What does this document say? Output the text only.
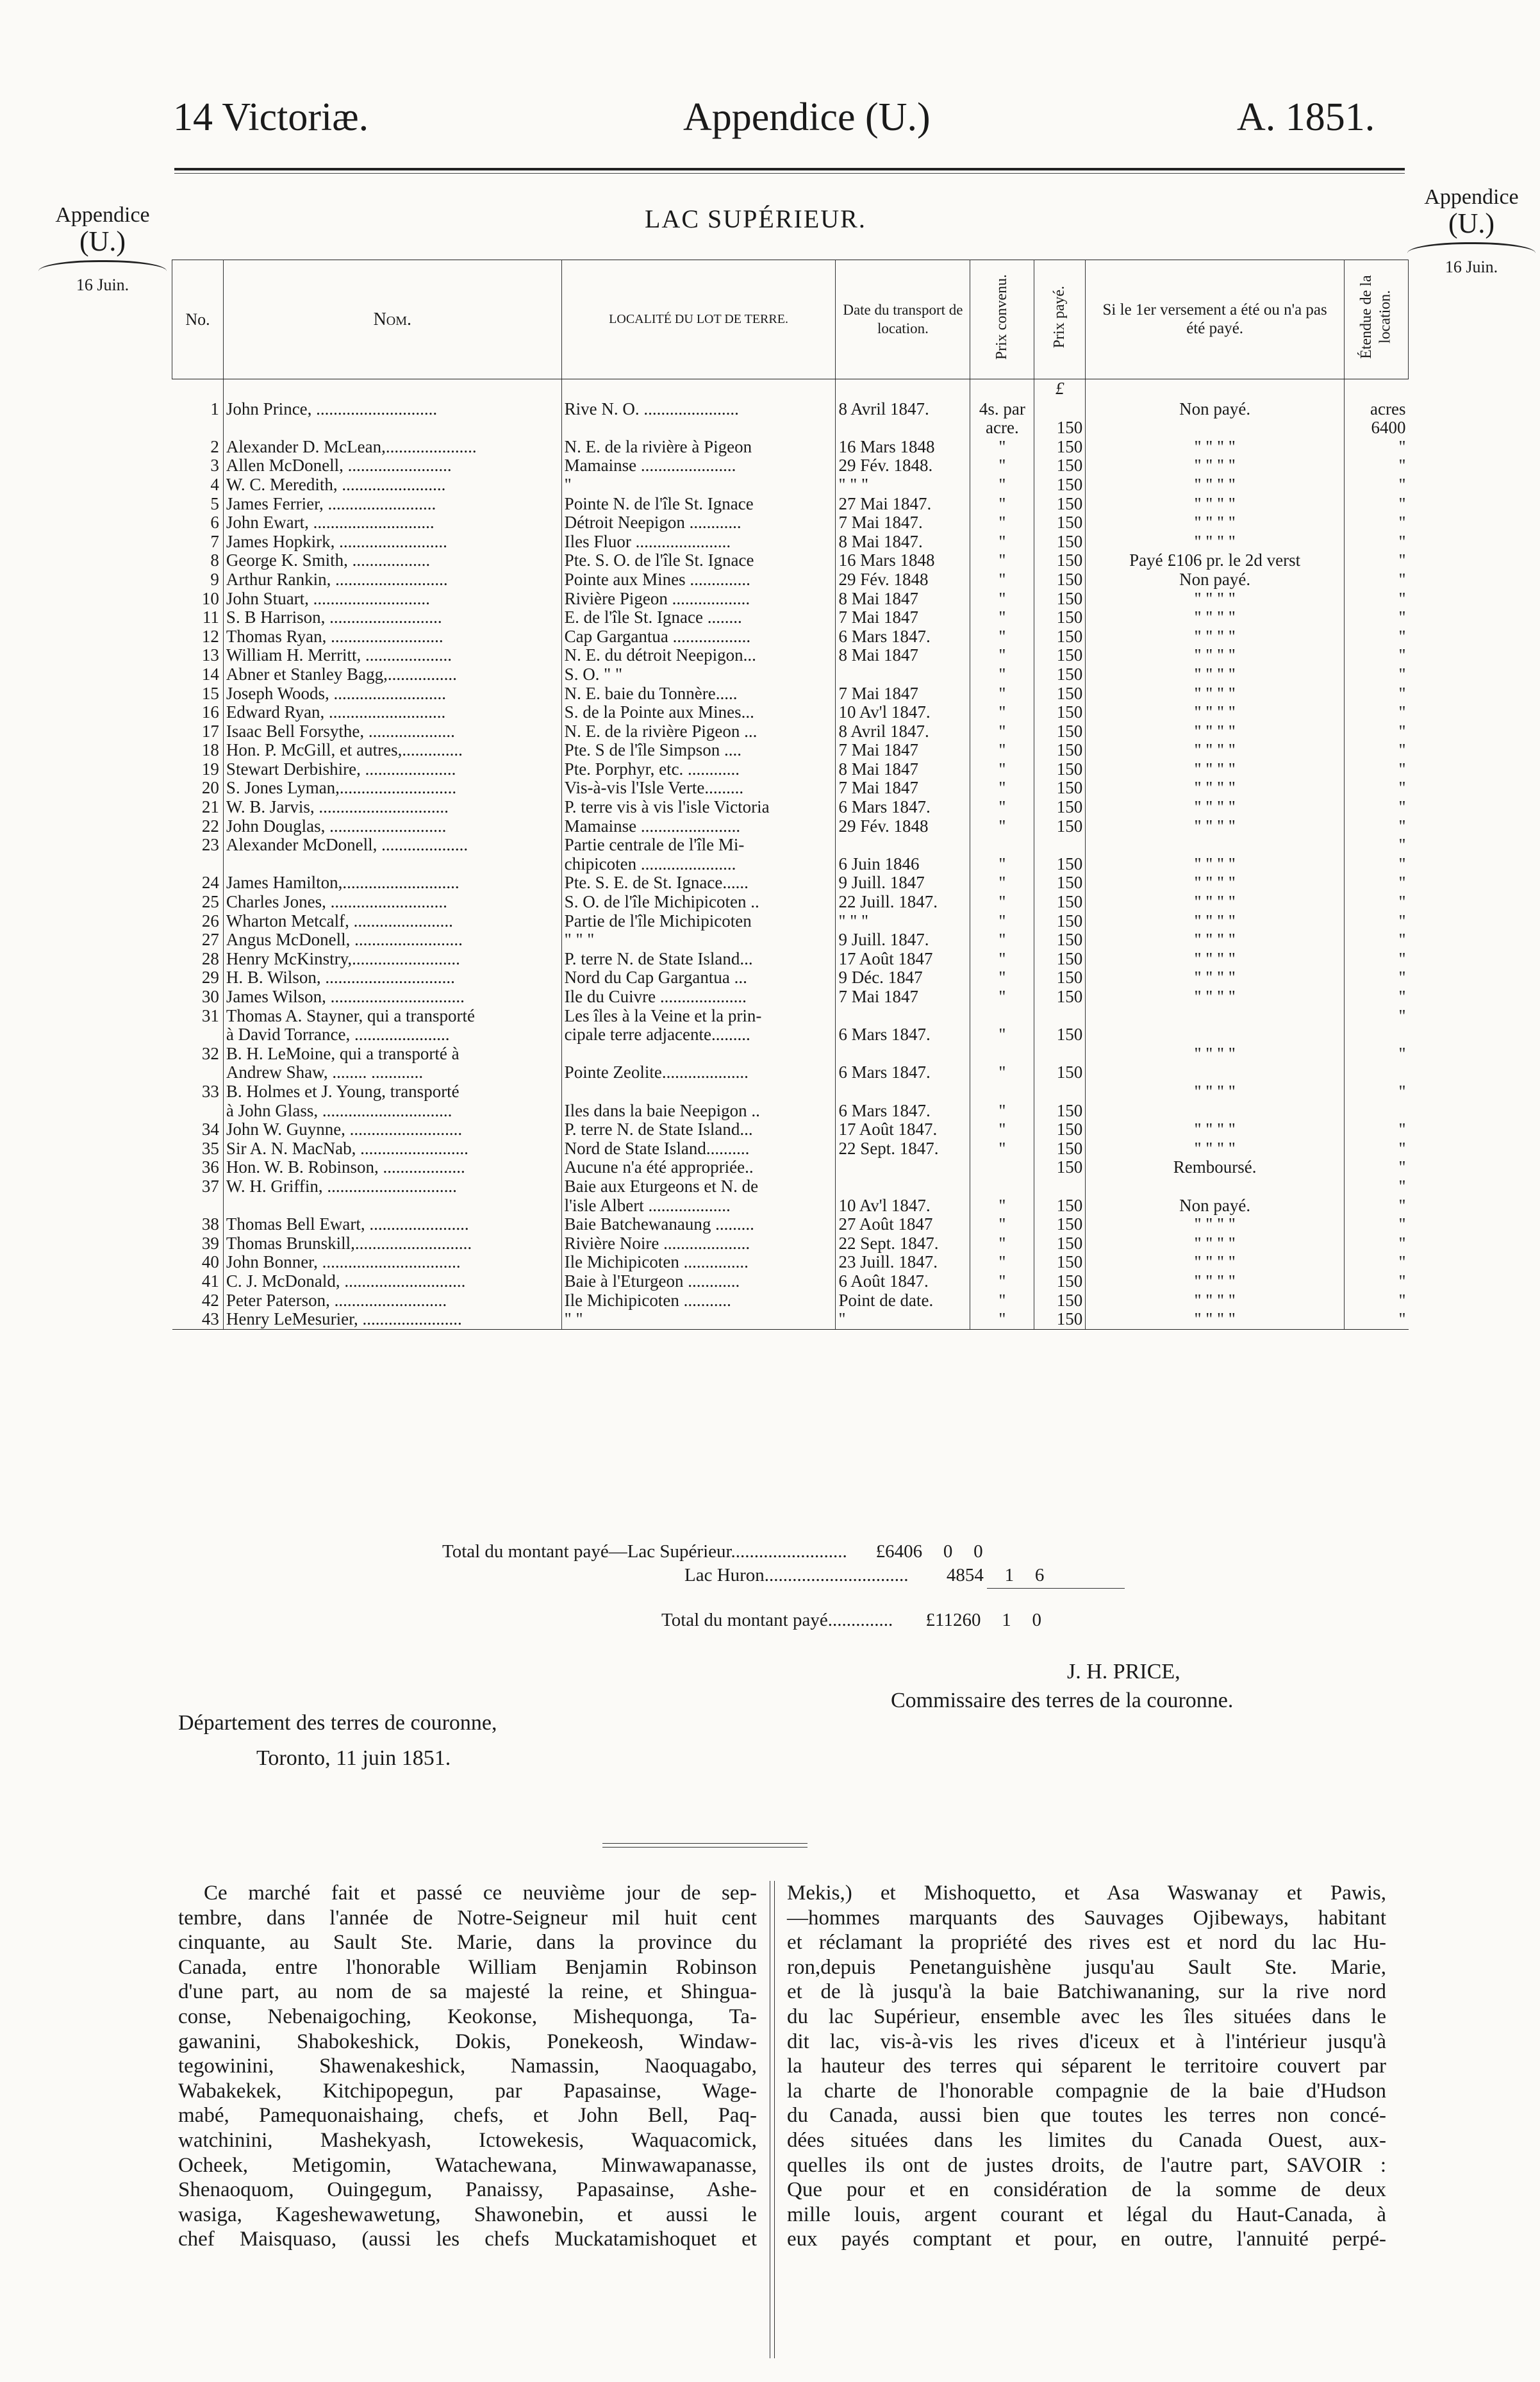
14 Victoriæ.	Appendice (U.)	A. 1851.
Appendice
(U.)
16 Juin.
Appendice
(U.)
16 Juin.
LAC SUPÉRIEUR.
No.	Nom.	LOCALITÉ DU LOT DE TERRE.	Date du transport de location.	Prix convenu.	Prix payé.	Si le 1er versement a été ou n'a pas été payé.	Étendue de la location.
					£		
1	John Prince, ............................	Rive N. O. ......................	8 Avril 1847.	4s. par		Non payé.	acres
				acre.	150		6400
2	Alexander D. McLean,.....................	N. E. de la rivière à Pigeon	16 Mars 1848	"	150	" " " "	"
3	Allen McDonell, ........................	Mamainse ......................	29 Fév. 1848.	"	150	" " " "	"
4	W. C. Meredith, ........................	"	" " "	"	150	" " " "	"
5	James Ferrier, .........................	Pointe N. de l'île St. Ignace	27 Mai 1847.	"	150	" " " "	"
6	John Ewart, ............................	Détroit Neepigon ............	7 Mai 1847.	"	150	" " " "	"
7	James Hopkirk, .........................	Iles Fluor ......................	8 Mai 1847.	"	150	" " " "	"
8	George K. Smith, ..................	Pte. S. O. de l'île St. Ignace	16 Mars 1848	"	150	Payé £106 pr. le 2d verst	"
9	Arthur Rankin, ..........................	Pointe aux Mines ..............	29 Fév. 1848	"	150	Non payé.	"
10	John Stuart, ...........................	Rivière Pigeon ..................	8 Mai 1847	"	150	" " " "	"
11	S. B Harrison, ..........................	E. de l'île St. Ignace ........	7 Mai 1847	"	150	" " " "	"
12	Thomas Ryan, ..........................	Cap Gargantua ..................	6 Mars 1847.	"	150	" " " "	"
13	William H. Merritt, ....................	N. E. du détroit Neepigon...	8 Mai 1847	"	150	" " " "	"
14	Abner et Stanley Bagg,................	S. O. " "		"	150	" " " "	"
15	Joseph Woods, ..........................	N. E. baie du Tonnère.....	7 Mai 1847	"	150	" " " "	"
16	Edward Ryan, ...........................	S. de la Pointe aux Mines...	10 Av'l 1847.	"	150	" " " "	"
17	Isaac Bell Forsythe, ....................	N. E. de la rivière Pigeon ...	8 Avril 1847.	"	150	" " " "	"
18	Hon. P. McGill, et autres,..............	Pte. S de l'île Simpson ....	7 Mai 1847	"	150	" " " "	"
19	Stewart Derbishire, .....................	Pte. Porphyr, etc. ............	8 Mai 1847	"	150	" " " "	"
20	S. Jones Lyman,...........................	Vis-à-vis l'Isle Verte.........	7 Mai 1847	"	150	" " " "	"
21	W. B. Jarvis, ..............................	P. terre vis à vis l'isle Victoria	6 Mars 1847.	"	150	" " " "	"
22	John Douglas, ...........................	Mamainse .......................	29 Fév. 1848	"	150	" " " "	"
23	Alexander McDonell, ....................	Partie centrale de l'île Mi-					"
		chipicoten ......................	6 Juin 1846	"	150	" " " "	"
24	James Hamilton,...........................	Pte. S. E. de St. Ignace......	9 Juill. 1847	"	150	" " " "	"
25	Charles Jones, ...........................	S. O. de l'île Michipicoten ..	22 Juill. 1847.	"	150	" " " "	"
26	Wharton Metcalf, .......................	Partie de l'île Michipicoten	" " "	"	150	" " " "	"
27	Angus McDonell, .........................	" " "	9 Juill. 1847.	"	150	" " " "	"
28	Henry McKinstry,.........................	P. terre N. de State Island...	17 Août 1847	"	150	" " " "	"
29	H. B. Wilson, ..............................	Nord du Cap Gargantua ...	9 Déc. 1847	"	150	" " " "	"
30	James Wilson, ...............................	Ile du Cuivre ....................	7 Mai 1847	"	150	" " " "	"
31	Thomas A. Stayner, qui a transporté	Les îles à la Veine et la prin-					"
	à David Torrance, ......................	cipale terre adjacente.........	6 Mars 1847.	"	150		
32	B. H. LeMoine, qui a transporté à					" " " "	"
	Andrew Shaw, ........ ............	Pointe Zeolite....................	6 Mars 1847.	"	150		
33	B. Holmes et J. Young, transporté					" " " "	"
	à John Glass, ..............................	Iles dans la baie Neepigon ..	6 Mars 1847.	"	150		
34	John W. Guynne, ..........................	P. terre N. de State Island...	17 Août 1847.	"	150	" " " "	"
35	Sir A. N. MacNab, .........................	Nord de State Island..........	22 Sept. 1847.	"	150	" " " "	"
36	Hon. W. B. Robinson, ...................	Aucune n'a été appropriée..			150	Remboursé.	"
37	W. H. Griffin, ..............................	Baie aux Eturgeons et N. de					"
		l'isle Albert ...................	10 Av'l 1847.	"	150	Non payé.	"
38	Thomas Bell Ewart, .......................	Baie Batchewanaung .........	27 Août 1847	"	150	" " " "	"
39	Thomas Brunskill,...........................	Rivière Noire ....................	22 Sept. 1847.	"	150	" " " "	"
40	John Bonner, ................................	Ile Michipicoten ...............	23 Juill. 1847.	"	150	" " " "	"
41	C. J. McDonald, ............................	Baie à l'Eturgeon ............	6 Août 1847.	"	150	" " " "	"
42	Peter Paterson, ..........................	Ile Michipicoten ...........	Point de date.	"	150	" " " "	"
43	Henry LeMesurier, .......................	" "	"	"	150	" " " "	"
Total du montant payé—Lac Supérieur......................... £6406 0 0
Lac Huron............................... 4854 1 6
Total du montant payé.............. £11260 1 0
J. H. PRICE,
Commissaire des terres de la couronne.
Département des terres de couronne,
Toronto, 11 juin 1851.

Ce marché fait et passé ce neuvième jour de sep-

tembre, dans l'année de Notre-Seigneur mil huit cent

cinquante, au Sault Ste. Marie, dans la province du

Canada, entre l'honorable William Benjamin Robinson

d'une part, au nom de sa majesté la reine, et Shingua-

conse, Nebenaigoching, Keokonse, Mishequonga, Ta-

gawanini, Shabokeshick, Dokis, Ponekeosh, Windaw-

tegowinini, Shawenakeshick, Namassin, Naoquagabo,

Wabakekek, Kitchipopegun, par Papasainse, Wage-

mabé, Pamequonaishaing, chefs, et John Bell, Paq-

watchinini, Mashekyash, Ictowekesis, Waquacomick,

Ocheek, Metigomin, Watachewana, Minwawapanasse,

Shenaoquom, Ouingegum, Panaissy, Papasainse, Ashe-

wasiga, Kageshewawetung, Shawonebin, et aussi le

chef Maisquaso, (aussi les chefs Muckatamishoquet et

Mekis,) et Mishoquetto, et Asa Waswanay et Pawis,

—hommes marquants des Sauvages Ojibeways, habitant

et réclamant la propriété des rives est et nord du lac Hu-

ron,depuis Penetanguishène jusqu'au Sault Ste. Marie,

et de là jusqu'à la baie Batchiwananing, sur la rive nord

du lac Supérieur, ensemble avec les îles situées dans le

dit lac, vis-à-vis les rives d'iceux et à l'intérieur jusqu'à

la hauteur des terres qui séparent le territoire couvert par

la charte de l'honorable compagnie de la baie d'Hudson

du Canada, aussi bien que toutes les terres non concé-

dées situées dans les limites du Canada Ouest, aux-

quelles ils ont de justes droits, de l'autre part, SAVOIR :

Que pour et en considération de la somme de deux

mille louis, argent courant et légal du Haut-Canada, à

eux payés comptant et pour, en outre, l'annuité perpé-
